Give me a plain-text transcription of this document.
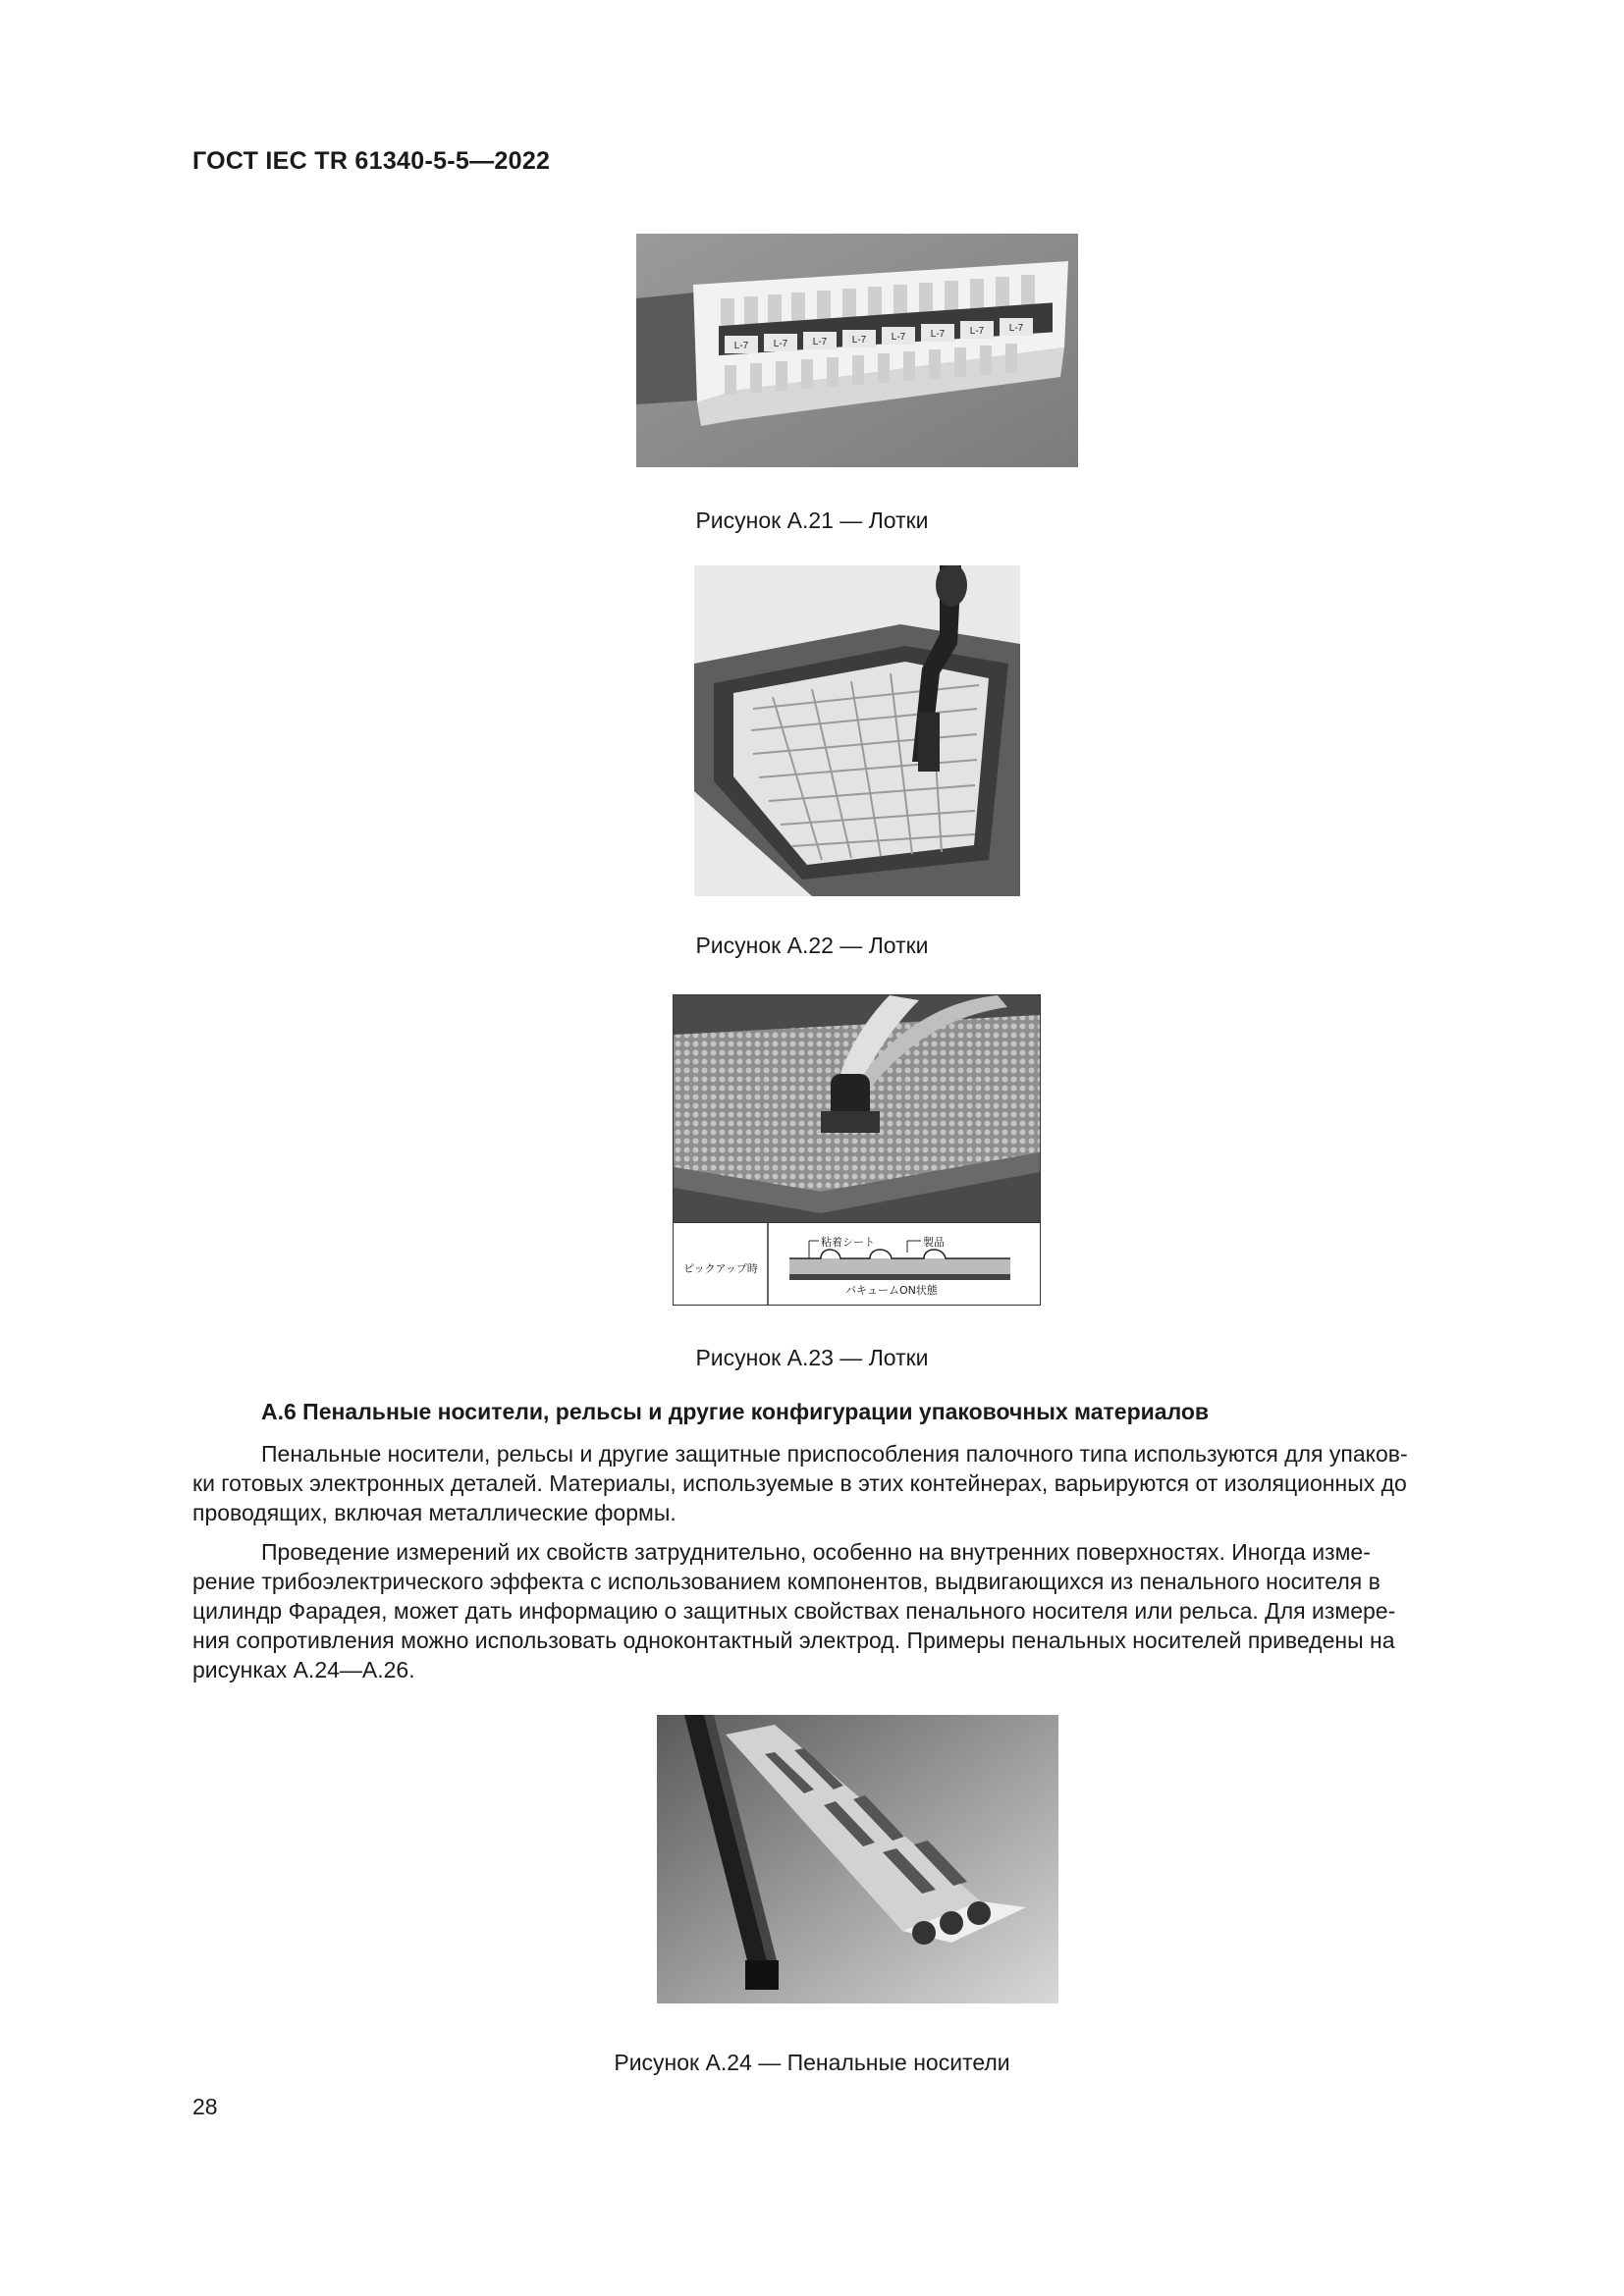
ГОСТ IEC TR 61340-5-5—2022
L-7	L-7	L-7	L-7	L-7	L-7	L-7	L-7
Рисунок А.21 — Лотки
Рисунок А.22 — Лотки
ピックアップ時
粘着シート	製品
バキュームON状態
Рисунок А.23 — Лотки
А.6 Пенальные носители, рельсы и другие конфигурации упаковочных материалов

Пенальные носители, рельсы и другие защитные приспособления палочного типа используются для упаков-
ки готовых электронных деталей. Материалы, используемые в этих контейнерах, варьируются от изоляционных до
проводящих, включая металлические формы.

Проведение измерений их свойств затруднительно, особенно на внутренних поверхностях. Иногда изме-
рение трибоэлектрического эффекта с использованием компонентов, выдвигающихся из пенального носителя в
цилиндр Фарадея, может дать информацию о защитных свойствах пенального носителя или рельса. Для измере-
ния сопротивления можно использовать одноконтактный электрод. Примеры пенальных носителей приведены на
рисунках А.24—А.26.

Рисунок А.24 — Пенальные носители
28
